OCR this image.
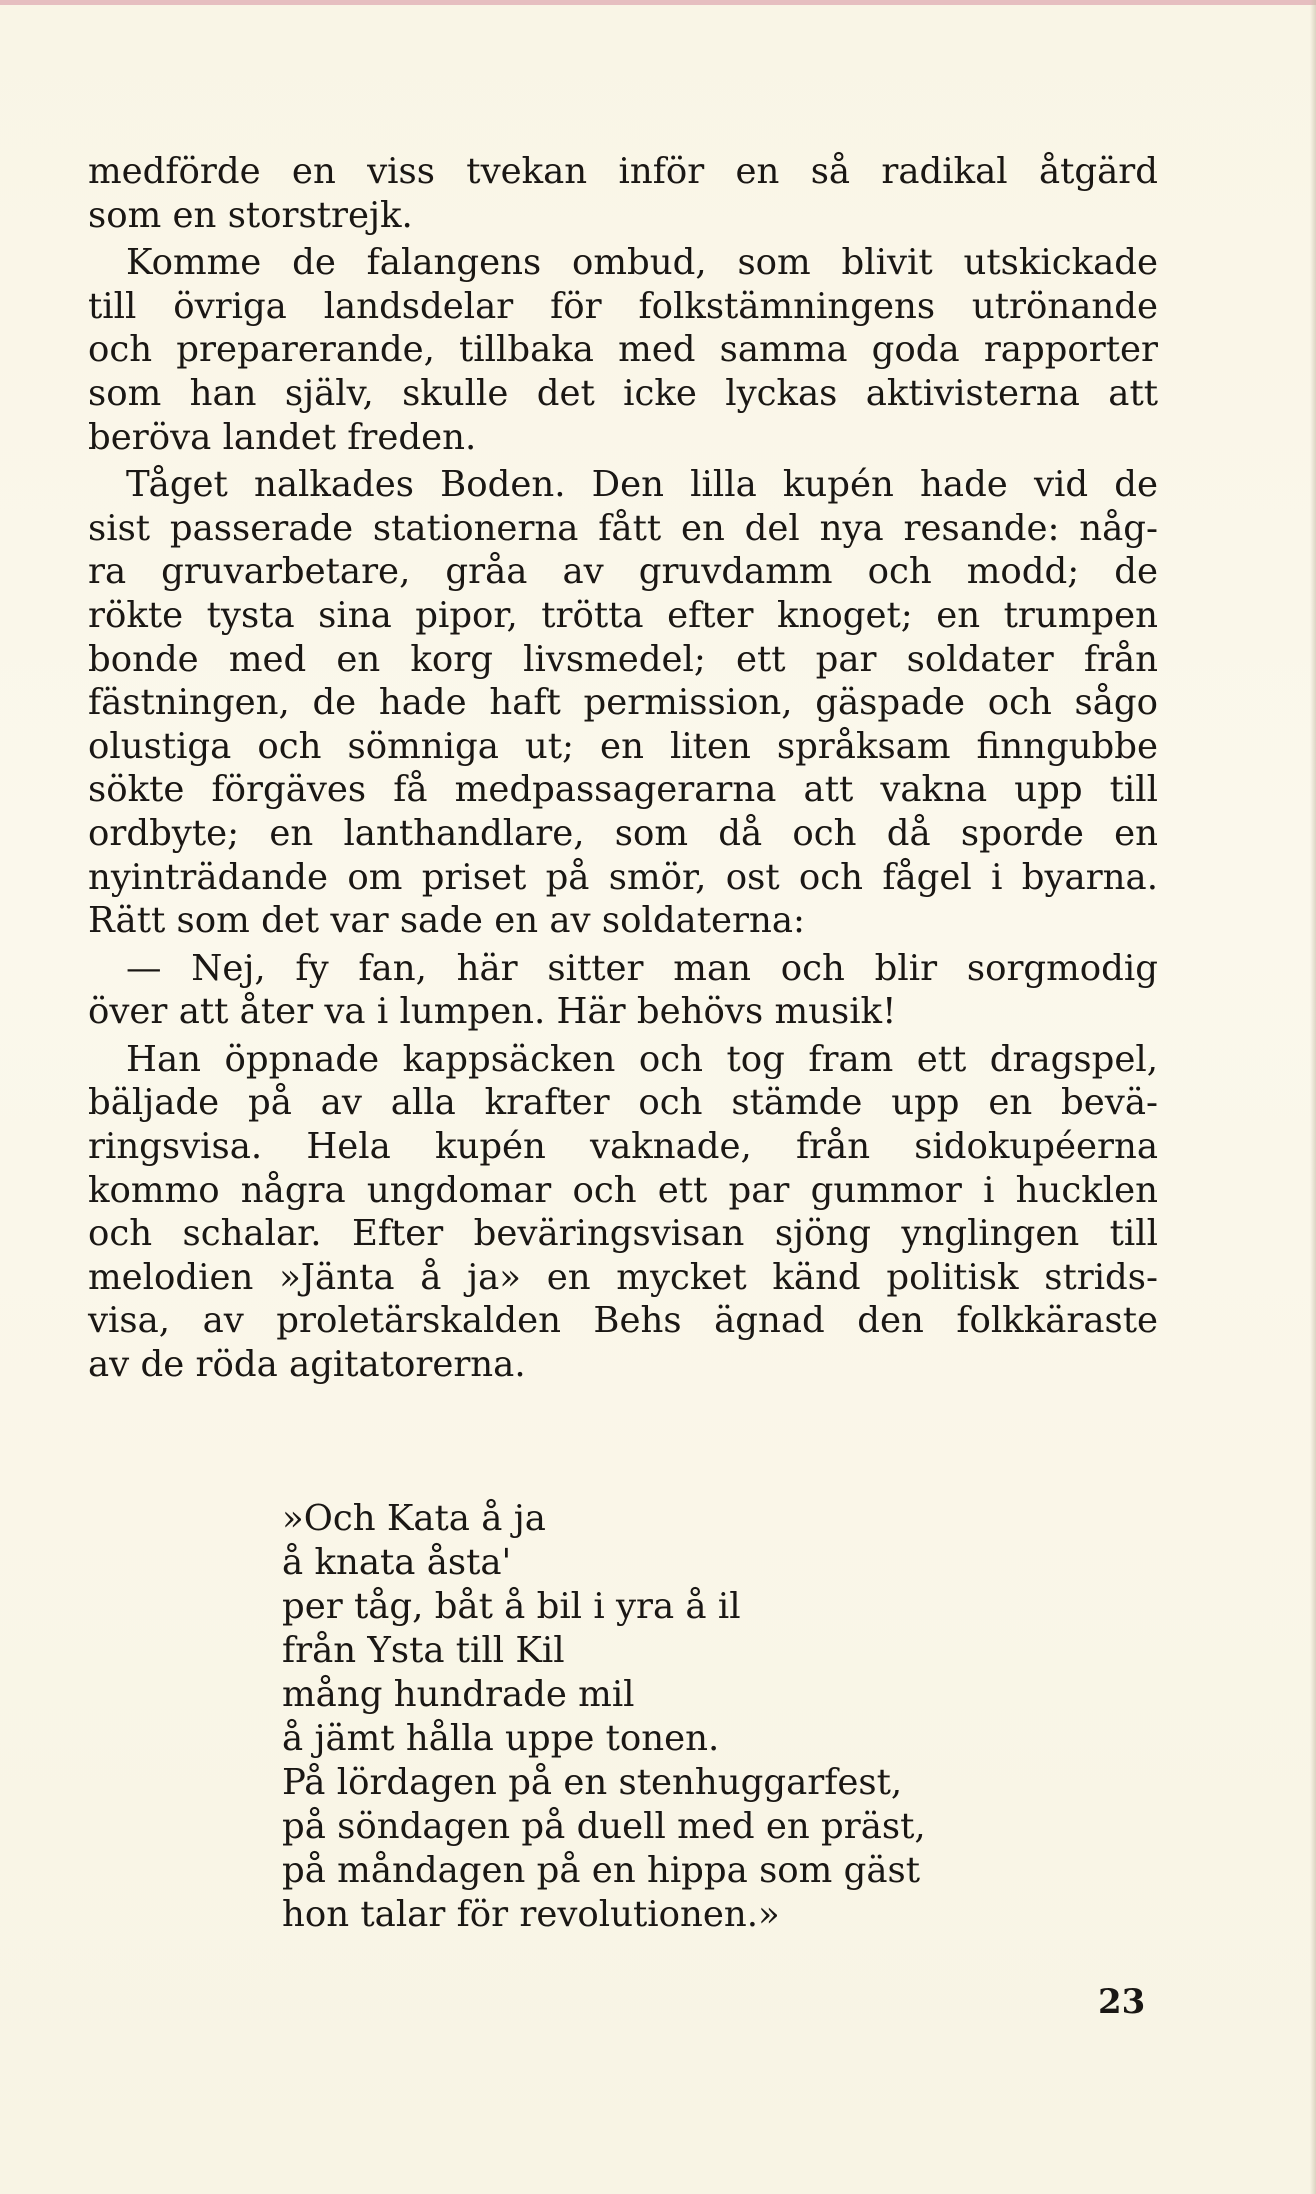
medförde en viss tvekan inför en så radikal åtgärd
som en storstrejk.

Komme de falangens ombud, som blivit utskickade
till övriga landsdelar för folkstämningens utrönande
och preparerande, tillbaka med samma goda rapporter
som han själv, skulle det icke lyckas aktivisterna att
beröva landet freden.

Tåget nalkades Boden. Den lilla kupén hade vid de
sist passerade stationerna fått en del nya resande: någ-
ra gruvarbetare, gråa av gruvdamm och modd; de
rökte tysta sina pipor, trötta efter knoget; en trumpen
bonde med en korg livsmedel; ett par soldater från
fästningen, de hade haft permission, gäspade och sågo
olustiga och sömniga ut; en liten språksam finngubbe
sökte förgäves få medpassagerarna att vakna upp till
ordbyte; en lanthandlare, som då och då sporde en
nyinträdande om priset på smör, ost och fågel i byarna.
Rätt som det var sade en av soldaterna:

— Nej, fy fan, här sitter man och blir sorgmodig
över att åter va i lumpen. Här behövs musik!

Han öppnade kappsäcken och tog fram ett dragspel,
bäljade på av alla krafter och stämde upp en bevä-
ringsvisa. Hela kupén vaknade, från sidokupéerna
kommo några ungdomar och ett par gummor i hucklen
och schalar. Efter beväringsvisan sjöng ynglingen till
melodien »Jänta å ja» en mycket känd politisk strids-
visa, av proletärskalden Behs ägnad den folkkäraste
av de röda agitatorerna.

»Och Kata å ja
å knata åsta'
per tåg, båt å bil i yra å il
från Ysta till Kil
mång hundrade mil
å jämt hålla uppe tonen.
På lördagen på en stenhuggarfest,
på söndagen på duell med en präst,
på måndagen på en hippa som gäst
hon talar för revolutionen.»
23
